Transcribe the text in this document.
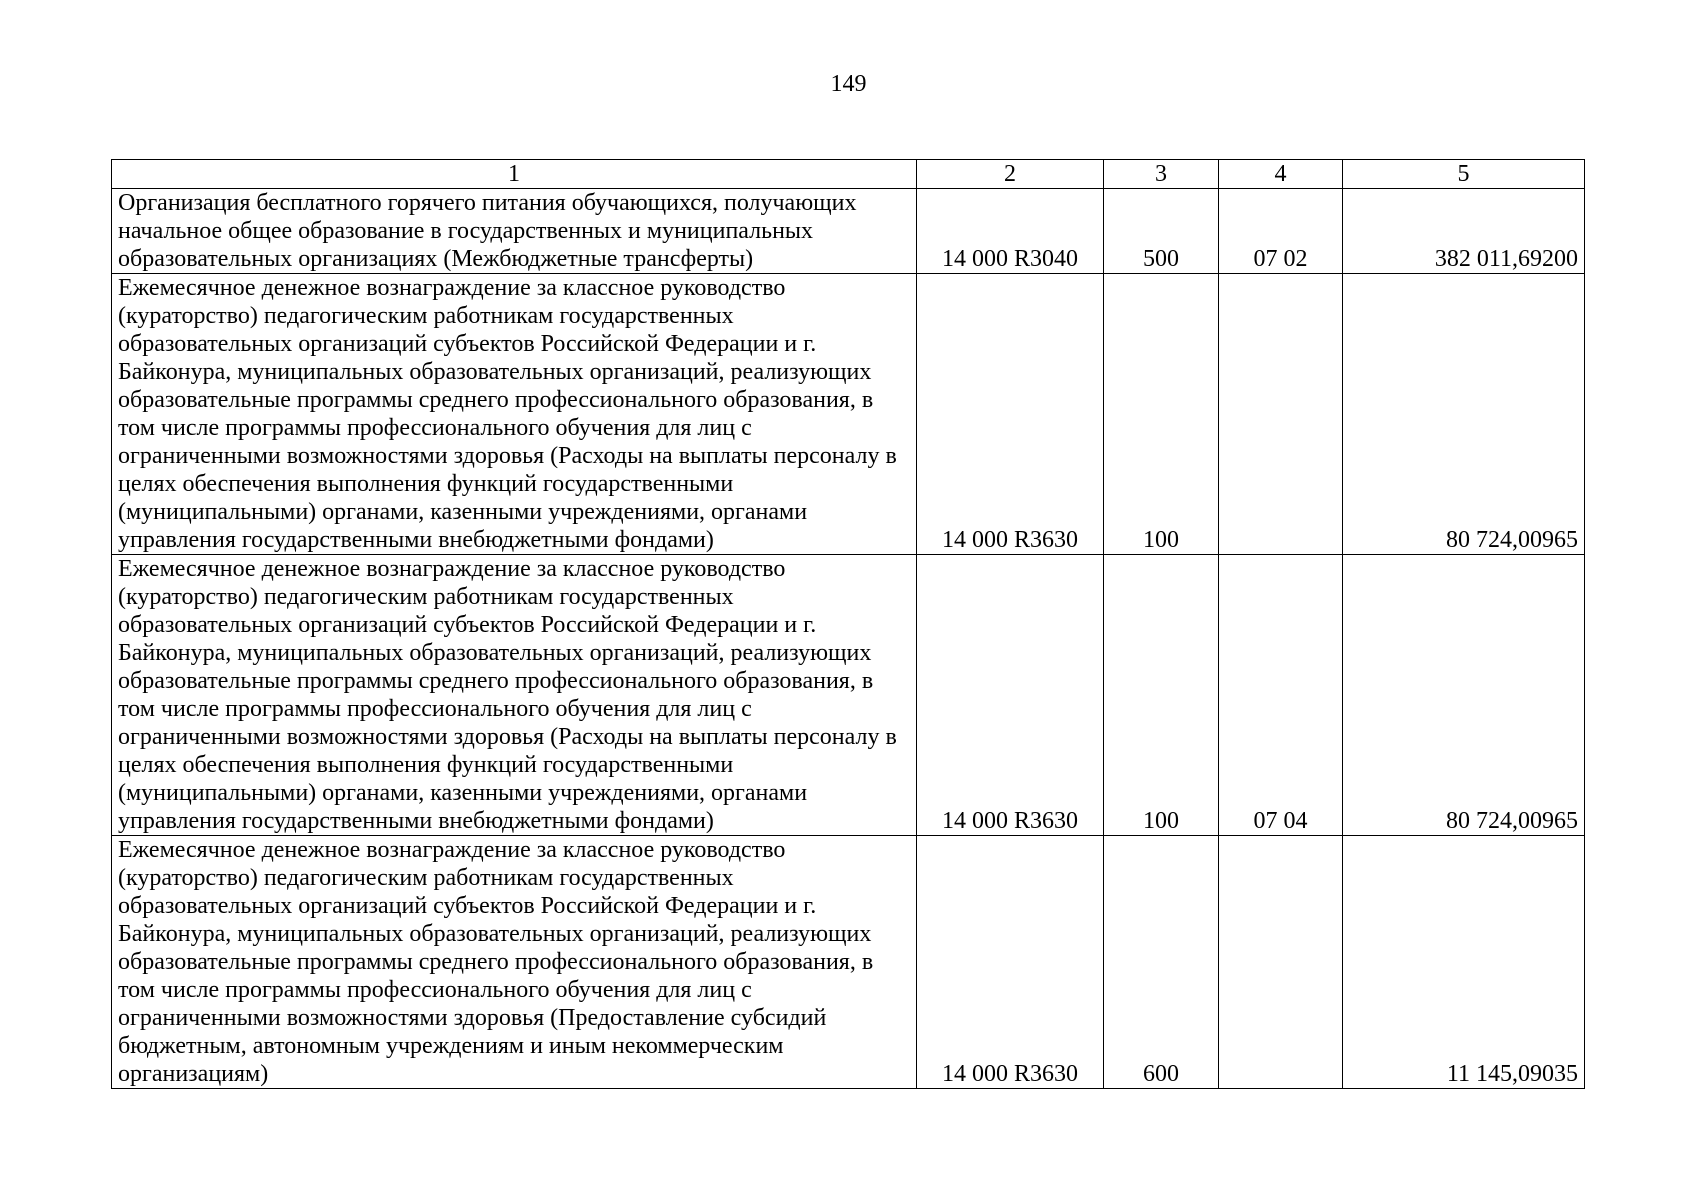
149
1	2	3	4	5
Организация бесплатного горячего питания обучающихся, получающих начальное общее образование в государственных и муниципальных образовательных организациях (Межбюджетные трансферты)	14 000 R3040	500	07 02	382 011,69200
Ежемесячное денежное вознаграждение за классное руководство (кураторство) педагогическим работникам государственных образовательных организаций субъектов Российской Федерации и г. Байконура, муниципальных образовательных организаций, реализующих образовательные программы среднего профессионального образования, в том числе программы профессионального обучения для лиц с ограниченными возможностями здоровья (Расходы на выплаты персоналу в целях обеспечения выполнения функций государственными (муниципальными) органами, казенными учреждениями, органами управления государственными внебюджетными фондами)	14 000 R3630	100		80 724,00965
Ежемесячное денежное вознаграждение за классное руководство (кураторство) педагогическим работникам государственных образовательных организаций субъектов Российской Федерации и г. Байконура, муниципальных образовательных организаций, реализующих образовательные программы среднего профессионального образования, в том числе программы профессионального обучения для лиц с ограниченными возможностями здоровья (Расходы на выплаты персоналу в целях обеспечения выполнения функций государственными (муниципальными) органами, казенными учреждениями, органами управления государственными внебюджетными фондами)	14 000 R3630	100	07 04	80 724,00965
Ежемесячное денежное вознаграждение за классное руководство (кураторство) педагогическим работникам государственных образовательных организаций субъектов Российской Федерации и г. Байконура, муниципальных образовательных организаций, реализующих образовательные программы среднего профессионального образования, в том числе программы профессионального обучения для лиц с ограниченными возможностями здоровья (Предоставление субсидий бюджетным, автономным учреждениям и иным некоммерческим организациям)	14 000 R3630	600		11 145,09035
